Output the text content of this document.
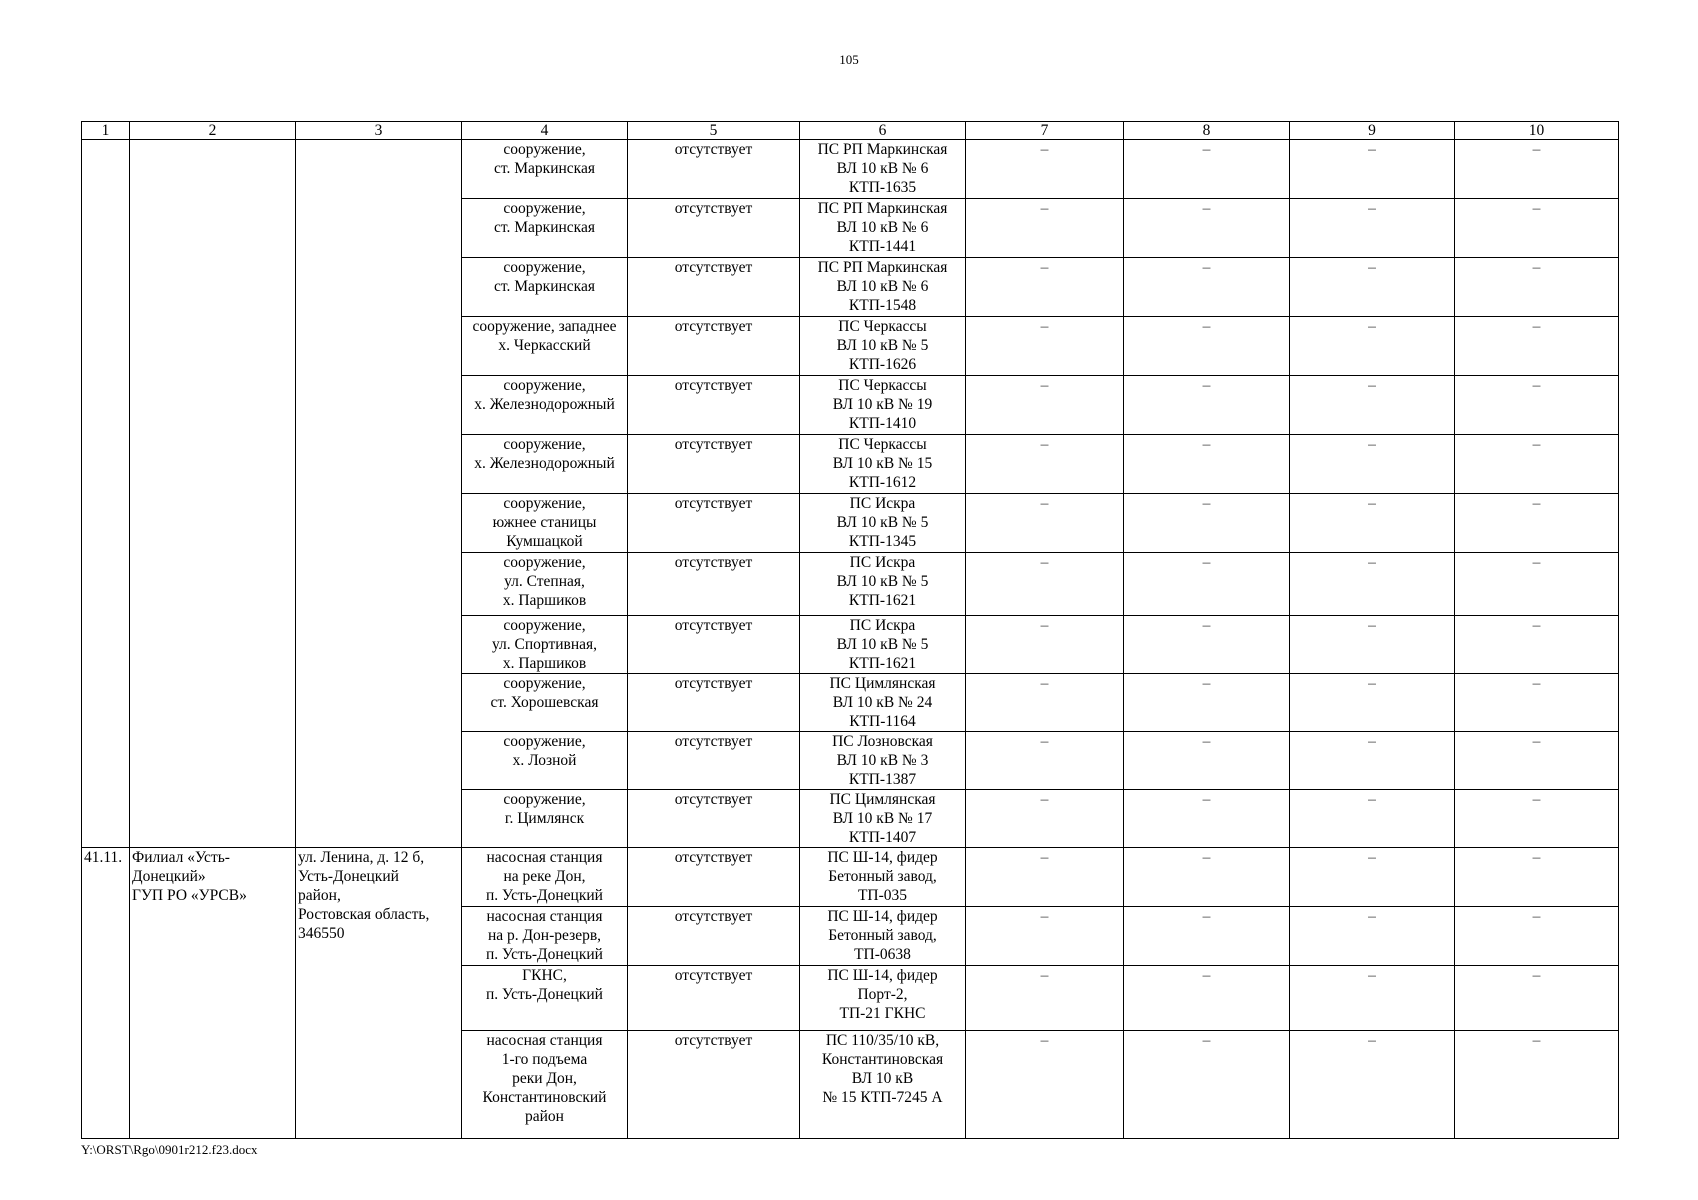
105
1	2	3	4	5	6	7	8	9	10
			сооружение,
ст. Маркинская	отсутствует	ПС РП Маркинская
ВЛ 10 кВ № 6
КТП-1635	–	–	–	–
			сооружение,
ст. Маркинская	отсутствует	ПС РП Маркинская
ВЛ 10 кВ № 6
КТП-1441	–	–	–	–
			сооружение,
ст. Маркинская	отсутствует	ПС РП Маркинская
ВЛ 10 кВ № 6
КТП-1548	–	–	–	–
			сооружение, западнее
х. Черкасский	отсутствует	ПС Черкассы
ВЛ 10 кВ № 5
КТП-1626	–	–	–	–
			сооружение,
х. Железнодорожный	отсутствует	ПС Черкассы
ВЛ 10 кВ № 19
КТП-1410	–	–	–	–
			сооружение,
х. Железнодорожный	отсутствует	ПС Черкассы
ВЛ 10 кВ № 15
КТП-1612	–	–	–	–
			сооружение,
южнее станицы
Кумшацкой	отсутствует	ПС Искра
ВЛ 10 кВ № 5
КТП-1345	–	–	–	–
			сооружение,
ул. Степная,
х. Паршиков	отсутствует	ПС Искра
ВЛ 10 кВ № 5
КТП-1621	–	–	–	–
			сооружение,
ул. Спортивная,
х. Паршиков	отсутствует	ПС Искра
ВЛ 10 кВ № 5
КТП-1621	–	–	–	–
			сооружение,
ст. Хорошевская	отсутствует	ПС Цимлянская
ВЛ 10 кВ № 24
КТП-1164	–	–	–	–
			сооружение,
х. Лозной	отсутствует	ПС Лозновская
ВЛ 10 кВ № 3
КТП-1387	–	–	–	–
			сооружение,
г. Цимлянск	отсутствует	ПС Цимлянская
ВЛ 10 кВ № 17
КТП-1407	–	–	–	–
41.11.	Филиал «Усть-
Донецкий»
ГУП РО «УРСВ»	ул. Ленина, д. 12 б,
Усть-Донецкий
район,
Ростовская область,
346550	насосная станция
на реке Дон,
п. Усть-Донецкий	отсутствует	ПС Ш-14, фидер
Бетонный завод,
ТП-035	–	–	–	–
			насосная станция
на р. Дон-резерв,
п. Усть-Донецкий	отсутствует	ПС Ш-14, фидер
Бетонный завод,
ТП-0638	–	–	–	–
			ГКНС,
п. Усть-Донецкий	отсутствует	ПС Ш-14, фидер
Порт-2,
ТП-21 ГКНС	–	–	–	–
			насосная станция
1-го подъема
реки Дон,
Константиновский
район	отсутствует	ПС 110/35/10 кВ,
Константиновская
ВЛ 10 кВ
№ 15 КТП-7245 А	–	–	–	–
Y:\ORST\Rgo\0901r212.f23.docx
